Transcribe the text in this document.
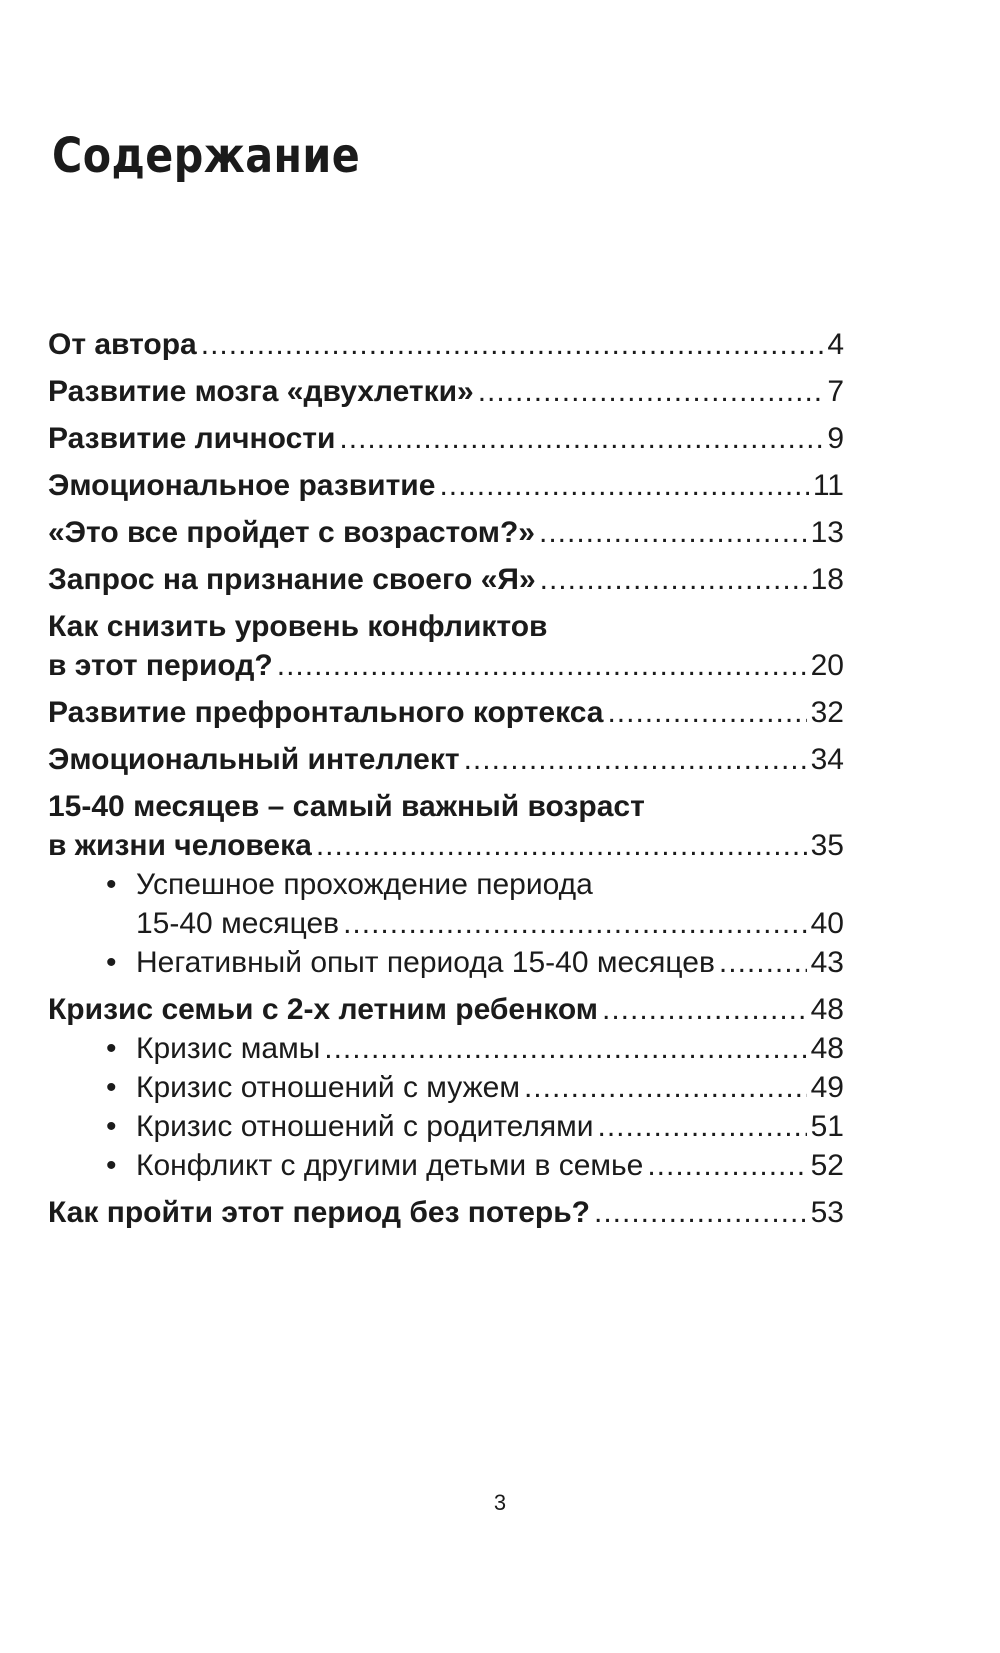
Содержание
От автора .....	4
Развитие мозга «двухлетки» .....	7
Развитие личности .....	9
Эмоциональное развитие .....	11
«Это все пройдет с возрастом?» .....	13
Запрос на признание своего «Я» .....	18
Как снизить уровень конфликтов
в этот период? .....	20
Развитие префронтального кортекса .....	32
Эмоциональный интеллект .....	34
15-40 месяцев – самый важный возраст
в жизни человека .....	35
• Успешное прохождение периода
15-40 месяцев .....	40
• Негативный опыт периода 15-40 месяцев .....	43
Кризис семьи с 2-х летним ребенком .....	48
• Кризис мамы .....	48
• Кризис отношений с мужем .....	49
• Кризис отношений с родителями .....	51
• Конфликт с другими детьми в семье .....	52
Как пройти этот период без потерь? .....	53
3
